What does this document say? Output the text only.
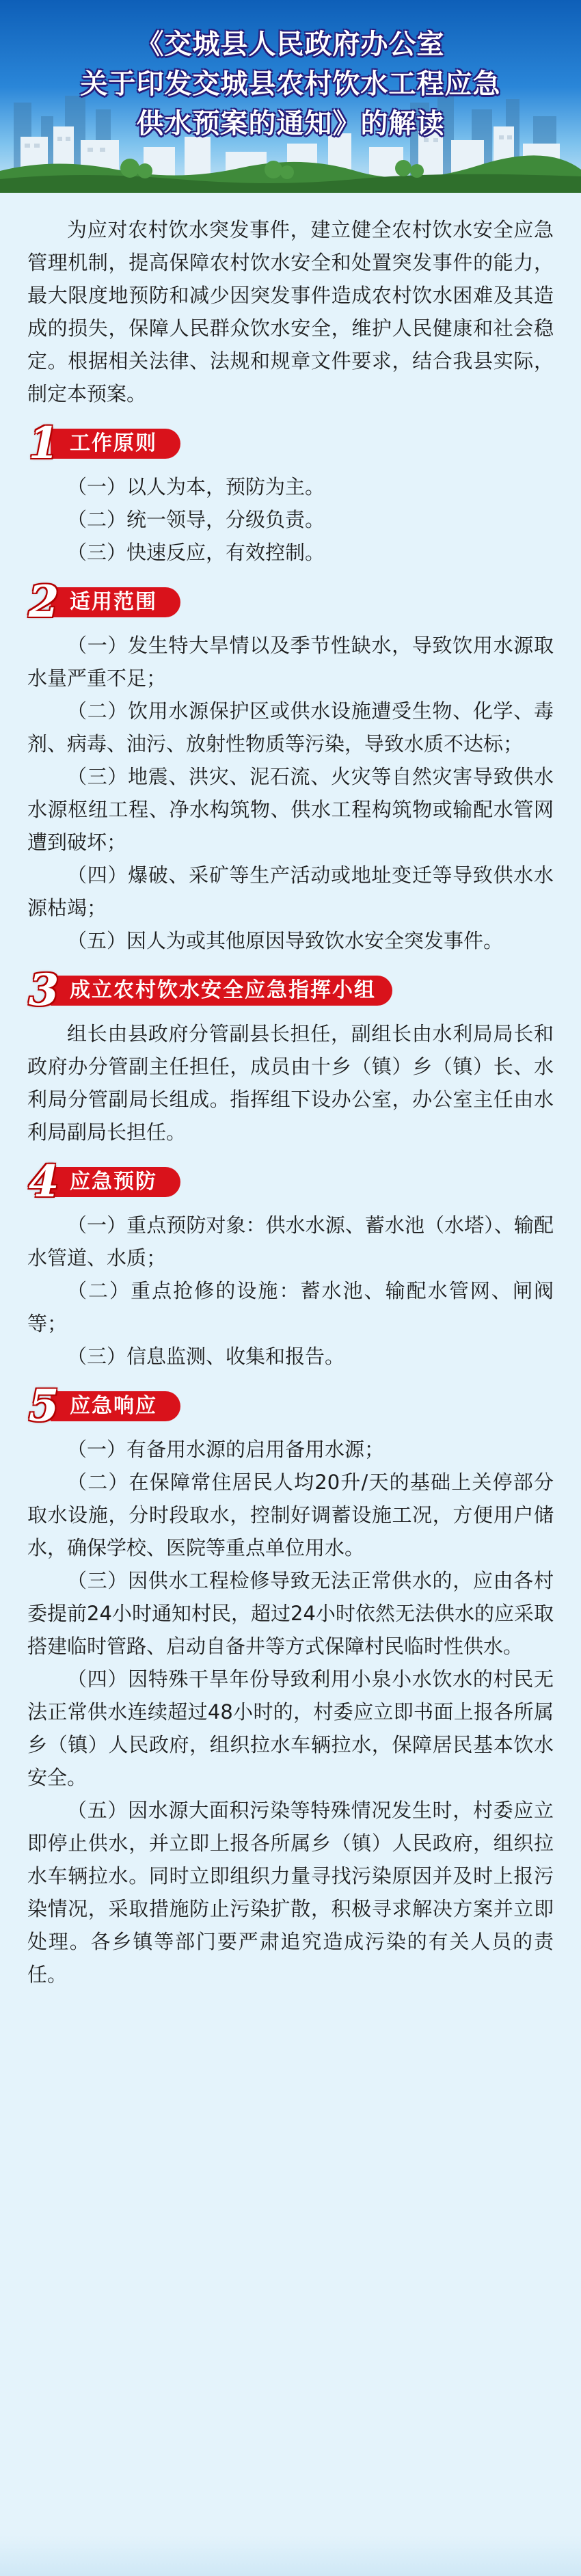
《交城县人民政府办公室
关于印发交城县农村饮水工程应急
供水预案的通知》的解读

为应对农村饮水突发事件，建立健全农村饮水安全应急管理机制，提高保障农村饮水安全和处置突发事件的能力，最大限度地预防和减少因突发事件造成农村饮水困难及其造成的损失，保障人民群众饮水安全，维护人民健康和社会稳定。根据相关法律、法规和规章文件要求，结合我县实际，制定本预案。

1 工作原则

（一）以人为本，预防为主。

（二）统一领导，分级负责。

（三）快速反应，有效控制。

2 适用范围

（一）发生特大旱情以及季节性缺水，导致饮用水源取水量严重不足；

（二）饮用水源保护区或供水设施遭受生物、化学、毒剂、病毒、油污、放射性物质等污染，导致水质不达标；

（三）地震、洪灾、泥石流、火灾等自然灾害导致供水水源枢纽工程、净水构筑物、供水工程构筑物或输配水管网遭到破坏；

（四）爆破、采矿等生产活动或地址变迁等导致供水水源枯竭；

（五）因人为或其他原因导致饮水安全突发事件。

3 成立农村饮水安全应急指挥小组

组长由县政府分管副县长担任，副组长由水利局局长和政府办分管副主任担任，成员由十乡（镇）乡（镇）长、水利局分管副局长组成。指挥组下设办公室，办公室主任由水利局副局长担任。

4 应急预防

（一）重点预防对象：供水水源、蓄水池（水塔）、输配水管道、水质；

（二）重点抢修的设施：蓄水池、输配水管网、闸阀等；

（三）信息监测、收集和报告。

5 应急响应

（一）有备用水源的启用备用水源；

（二）在保障常住居民人均20升/天的基础上关停部分取水设施，分时段取水，控制好调蓄设施工况，方便用户储水，确保学校、医院等重点单位用水。

（三）因供水工程检修导致无法正常供水的，应由各村委提前24小时通知村民，超过24小时依然无法供水的应采取搭建临时管路、启动自备井等方式保障村民临时性供水。

（四）因特殊干旱年份导致利用小泉小水饮水的村民无法正常供水连续超过48小时的，村委应立即书面上报各所属乡（镇）人民政府，组织拉水车辆拉水，保障居民基本饮水安全。

（五）因水源大面积污染等特殊情况发生时，村委应立即停止供水，并立即上报各所属乡（镇）人民政府，组织拉水车辆拉水。同时立即组织力量寻找污染原因并及时上报污染情况，采取措施防止污染扩散，积极寻求解决方案并立即处理。各乡镇等部门要严肃追究造成污染的有关人员的责任。
